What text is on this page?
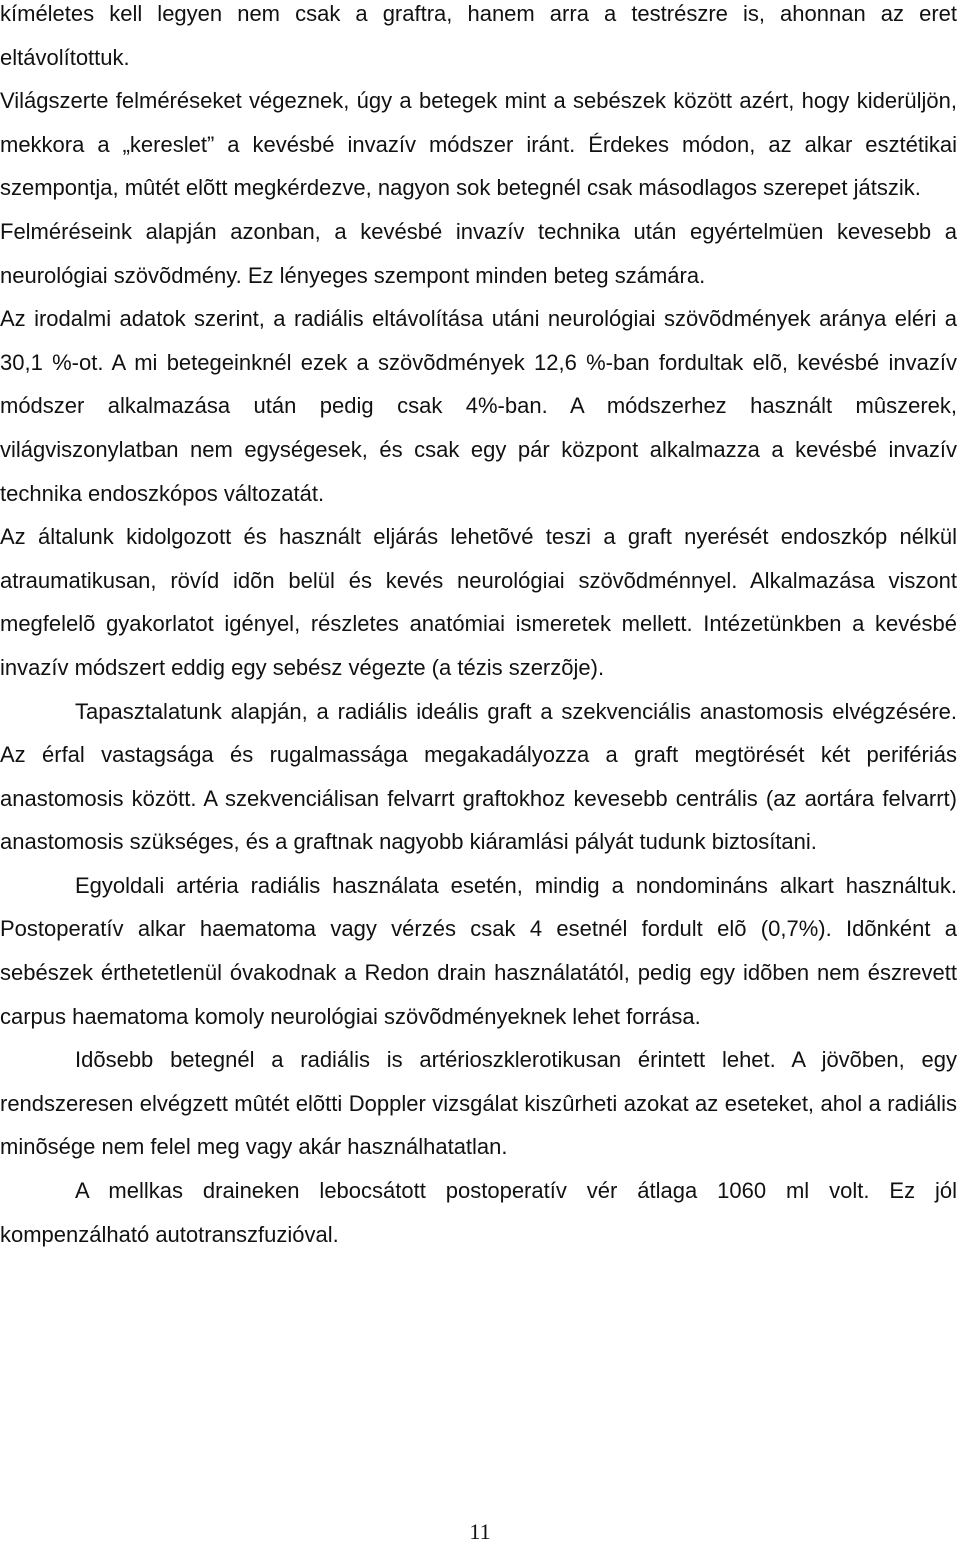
kíméletes kell legyen nem csak a graftra, hanem arra a testrészre is, ahonnan az eret eltávolítottuk.

Világszerte felméréseket végeznek, úgy a betegek mint a sebészek között azért, hogy kiderüljön, mekkora a „kereslet” a kevésbé invazív módszer iránt. Érdekes módon, az alkar esztétikai szempontja, mûtét elõtt megkérdezve, nagyon sok betegnél csak másodlagos szerepet játszik.

Felméréseink alapján azonban, a kevésbé invazív technika után egyértelmüen kevesebb a neurológiai szövõdmény. Ez lényeges szempont minden beteg számára.

Az irodalmi adatok szerint, a radiális eltávolítása utáni neurológiai szövõdmények aránya eléri a 30,1 %-ot. A mi betegeinknél ezek a szövõdmények 12,6 %-ban fordultak elõ, kevésbé invazív módszer alkalmazása után pedig csak 4%-ban. A módszerhez használt mûszerek, világviszonylatban nem egységesek, és csak egy pár központ alkalmazza a kevésbé invazív technika endoszkópos változatát.

Az általunk kidolgozott és használt eljárás lehetõvé teszi a graft nyerését endoszkóp nélkül atraumatikusan, rövíd idõn belül és kevés neurológiai szövõdménnyel. Alkalmazása viszont megfelelõ gyakorlatot igényel, részletes anatómiai ismeretek mellett. Intézetünkben a kevésbé invazív módszert eddig egy sebész végezte (a tézis szerzõje).

Tapasztalatunk alapján, a radiális ideális graft a szekvenciális anastomosis elvégzésére. Az érfal vastagsága és rugalmassága megakadályozza a graft megtörését két perifériás anastomosis között. A szekvenciálisan felvarrt graftokhoz kevesebb centrális (az aortára felvarrt) anastomosis szükséges, és a graftnak nagyobb kiáramlási pályát tudunk biztosítani.

Egyoldali artéria radiális használata esetén, mindig a nondomináns alkart használtuk. Postoperatív alkar haematoma vagy vérzés csak 4 esetnél fordult elõ (0,7%). Idõnként a sebészek érthetetlenül óvakodnak a Redon drain használatától, pedig egy idõben nem észrevett carpus haematoma komoly neurológiai szövõdményeknek lehet forrása.

Idõsebb betegnél a radiális is artérioszklerotikusan érintett lehet. A jövõben, egy rendszeresen elvégzett mûtét elõtti Doppler vizsgálat kiszûrheti azokat az eseteket, ahol a radiális minõsége nem felel meg vagy akár használhatatlan.

A mellkas draineken lebocsátott postoperatív vér átlaga 1060 ml volt. Ez jól kompenzálható autotranszfuzióval.

11
